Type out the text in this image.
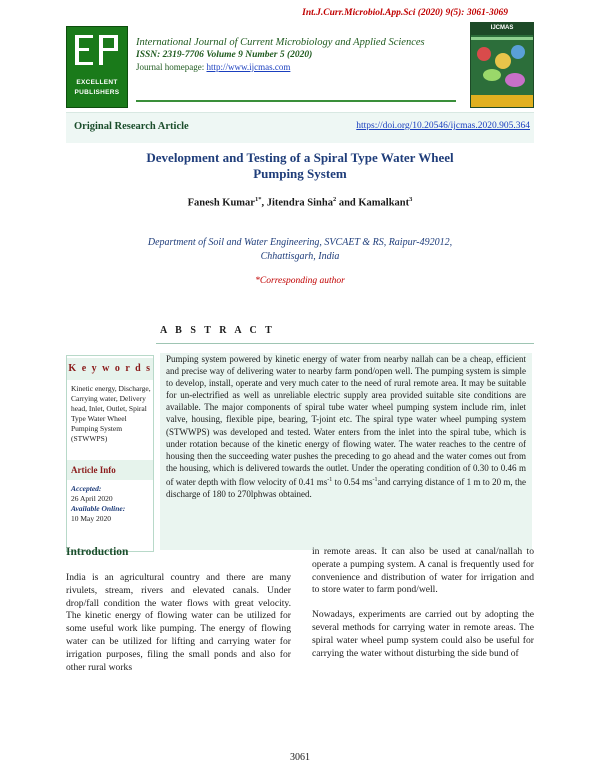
Int.J.Curr.Microbiol.App.Sci (2020) 9(5): 3061-3069
EXCELLENT
PUBLISHERS
International Journal of Current Microbiology and Applied Sciences
ISSN: 2319-7706 Volume 9 Number 5 (2020)
Journal homepage: http://www.ijcmas.com
IJCMAS
Original Research Article	https://doi.org/10.20546/ijcmas.2020.905.364
Development and Testing of a Spiral Type Water Wheel Pumping System
Fanesh Kumar$^{1*}$, Jitendra Sinha$^2$ and Kamalkant$^3$
Department of Soil and Water Engineering, SVCAET & RS, Raipur-492012,
Chhattisgarh, India
*Corresponding author
A B S T R A C T
K e y w o r d s
Kinetic energy, Discharge, Carrying water, Delivery head, Inlet, Outlet, Spiral Type Water Wheel Pumping System (STWWPS)
Article Info
Accepted:
26 April 2020
Available Online:
10 May 2020
Pumping system powered by kinetic energy of water from nearby nallah can be a cheap, efficient and precise way of delivering water to nearby farm pond/open well. The pumping system is simple to develop, install, operate and very much cater to the need of rural remote area. It may be suitable for un-electrified as well as unreliable electric supply area provided suitable site conditions are available. The major components of spiral tube water wheel pumping system include rim, inlet valve, housing, flexible pipe, bearing, T-joint etc. The spiral type water wheel pumping system (STWWPS) was developed and tested. Water enters from the inlet into the spiral tube, which is under rotation because of the kinetic energy of flowing water. The water reaches to the centre of housing then the succeeding water pushes the preceding to go ahead and the water comes out from the housing, which is delivered towards the outlet. Under the operating condition of 0.30 to 0.46 m of water depth with flow velocity of 0.41 $ms^{-1}$ to 0.54 $ms^{-1}and$ carrying distance of 1 m to 20 m, the discharge of 180 to 270lphwas obtained.
Introduction

India is an agricultural country and there are many rivulets, stream, rivers and elevated canals. Under drop/fall condition the water flows with great velocity. The kinetic energy of flowing water can be utilized for some useful work like pumping. The energy of flowing water can be utilized for lifting and carrying water for irrigation purposes, filing the small ponds and also for other rural works

in remote areas. It can also be used at canal/nallah to operate a pumping system. A canal is frequently used for convenience and distribution of water for irrigation and to store water to farm pond/well.

Nowadays, experiments are carried out by adopting the several methods for carrying water in remote areas. The spiral water wheel pump system could also be useful for carrying the water without disturbing the side bund of

3061
